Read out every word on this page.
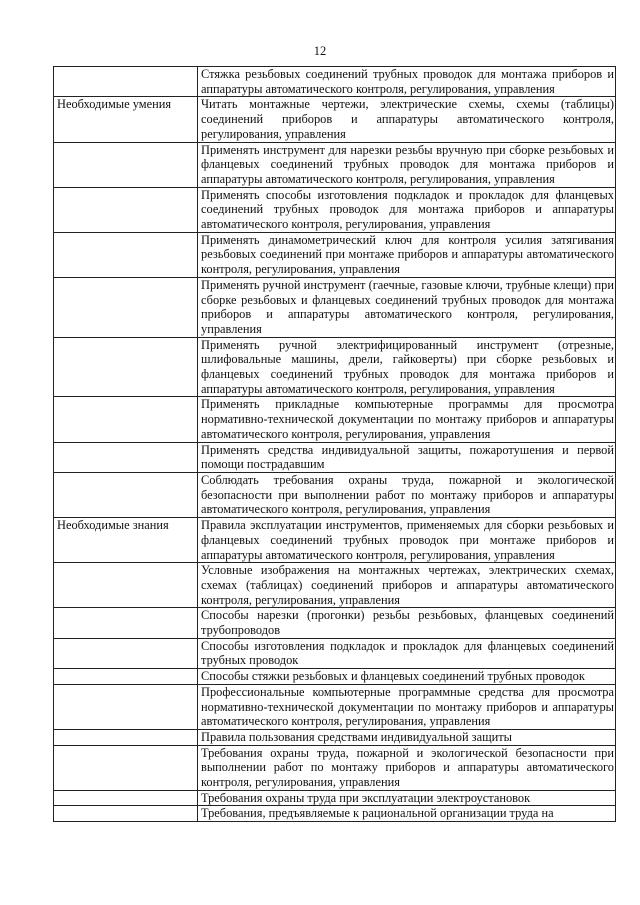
12
	Стяжка резьбовых соединений трубных проводок для монтажа приборов и аппаратуры автоматического контроля, регулирования, управления
Необходимые умения	Читать монтажные чертежи, электрические схемы, схемы (таблицы) соединений приборов и аппаратуры автоматического контроля, регулирования, управления
	Применять инструмент для нарезки резьбы вручную при сборке резьбовых и фланцевых соединений трубных проводок для монтажа приборов и аппаратуры автоматического контроля, регулирования, управления
	Применять способы изготовления подкладок и прокладок для фланцевых соединений трубных проводок для монтажа приборов и аппаратуры автоматического контроля, регулирования, управления
	Применять динамометрический ключ для контроля усилия затягивания резьбовых соединений при монтаже приборов и аппаратуры автоматического контроля, регулирования, управления
	Применять ручной инструмент (гаечные, газовые ключи, трубные клещи) при сборке резьбовых и фланцевых соединений трубных проводок для монтажа приборов и аппаратуры автоматического контроля, регулирования, управления
	Применять ручной электрифицированный инструмент (отрезные, шлифовальные машины, дрели, гайковерты) при сборке резьбовых и фланцевых соединений трубных проводок для монтажа приборов и аппаратуры автоматического контроля, регулирования, управления
	Применять прикладные компьютерные программы для просмотра нормативно-технической документации по монтажу приборов и аппаратуры автоматического контроля, регулирования, управления
	Применять средства индивидуальной защиты, пожаротушения и первой помощи пострадавшим
	Соблюдать требования охраны труда, пожарной и экологической безопасности при выполнении работ по монтажу приборов и аппаратуры автоматического контроля, регулирования, управления
Необходимые знания	Правила эксплуатации инструментов, применяемых для сборки резьбовых и фланцевых соединений трубных проводок при монтаже приборов и аппаратуры автоматического контроля, регулирования, управления
	Условные изображения на монтажных чертежах, электрических схемах, схемах (таблицах) соединений приборов и аппаратуры автоматического контроля, регулирования, управления
	Способы нарезки (прогонки) резьбы резьбовых, фланцевых соединений трубопроводов
	Способы изготовления подкладок и прокладок для фланцевых соединений трубных проводок
	Способы стяжки резьбовых и фланцевых соединений трубных проводок
	Профессиональные компьютерные программные средства для просмотра нормативно-технической документации по монтажу приборов и аппаратуры автоматического контроля, регулирования, управления
	Правила пользования средствами индивидуальной защиты
	Требования охраны труда, пожарной и экологической безопасности при выполнении работ по монтажу приборов и аппаратуры автоматического контроля, регулирования, управления
	Требования охраны труда при эксплуатации электроустановок
	Требования, предъявляемые к рациональной организации труда на
